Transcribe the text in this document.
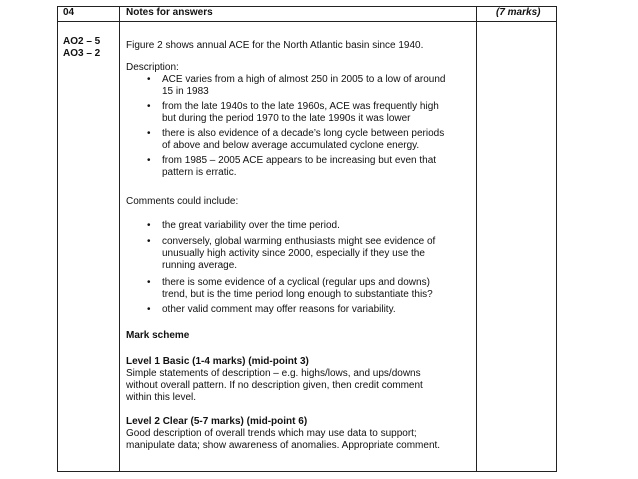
04	Notes for answers	(7 marks)
AO2 – 5
AO3 – 2
Figure 2 shows annual ACE for the North Atlantic basin since 1940.
Description:
• ACE varies from a high of almost 250 in 2005 to a low of around
15 in 1983
• from the late 1940s to the late 1960s, ACE was frequently high
but during the period 1970 to the late 1990s it was lower
• there is also evidence of a decade’s long cycle between periods
of above and below average accumulated cyclone energy.
• from 1985 – 2005 ACE appears to be increasing but even that
pattern is erratic.
Comments could include:
• the great variability over the time period.
• conversely, global warming enthusiasts might see evidence of
unusually high activity since 2000, especially if they use the
running average.
• there is some evidence of a cyclical (regular ups and downs)
trend, but is the time period long enough to substantiate this?
• other valid comment may offer reasons for variability.
Mark scheme
Level 1 Basic (1-4 marks) (mid-point 3)
Simple statements of description – e.g. highs/lows, and ups/downs
without overall pattern. If no description given, then credit comment
within this level.
Level 2 Clear (5-7 marks) (mid-point 6)
Good description of overall trends which may use data to support;
manipulate data; show awareness of anomalies. Appropriate comment.
